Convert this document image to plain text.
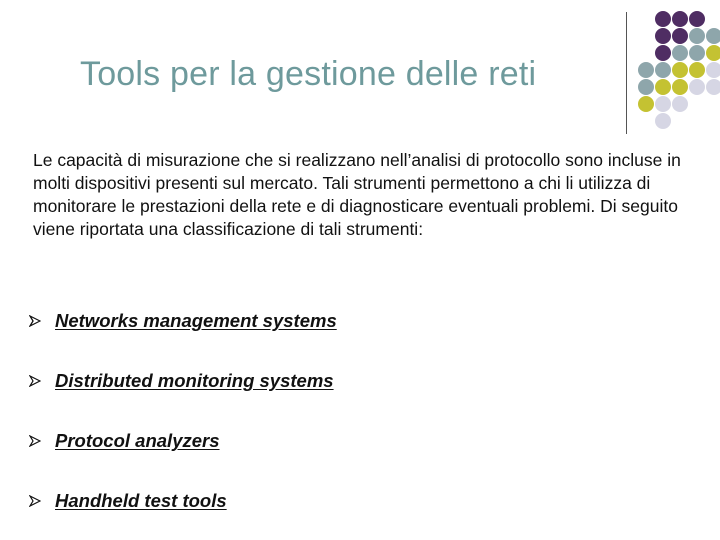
Tools per la gestione delle reti
Le capacità di misurazione che si realizzano nell’analisi di protocollo sono incluse in molti dispositivi presenti sul mercato. Tali strumenti permettono a chi li utilizza di monitorare le prestazioni della rete e di diagnosticare eventuali problemi. Di seguito viene riportata una classificazione di tali strumenti:
Networks management systems
Distributed monitoring systems
Protocol analyzers
Handheld test tools
